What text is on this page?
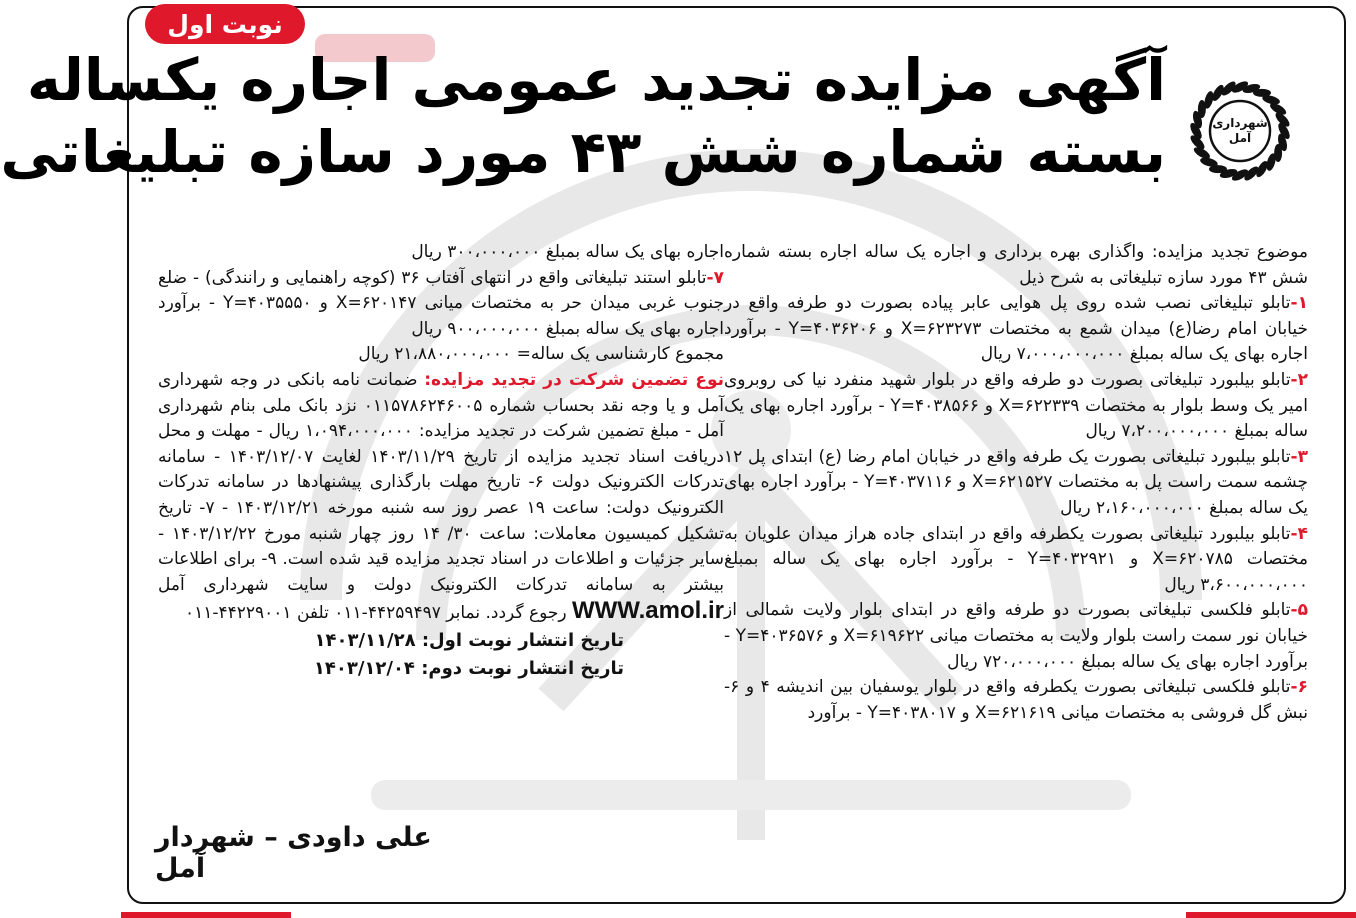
نوبت اول
آگهی مزایده تجدید عمومی اجاره یکساله
بسته شماره شش ۴۳ مورد سازه تبلیغاتی	شهرداری
آمل

موضوع تجدید مزایده: واگذاری بهره برداری و اجاره یک ساله اجاره بسته شماره شش ۴۳ مورد سازه تبلیغاتی به شرح ذیل

۱-تابلو تبلیغاتی نصب شده روی پل هوایی عابر پیاده بصورت دو طرفه واقع در خیابان امام رضا(ع) میدان شمع به مختصات X=۶۲۳۲۷۳ و Y=۴۰۳۶۲۰۶ - برآورد اجاره بهای یک ساله بمبلغ ۷،۰۰۰،۰۰۰،۰۰۰ ریال

۲-تابلو بیلبورد تبلیغاتی بصورت دو طرفه واقع در بلوار شهید منفرد نیا کی روبروی امیر یک وسط بلوار به مختصات X=۶۲۲۳۳۹ و Y=۴۰۳۸۵۶۶ - برآورد اجاره بهای یک ساله بمبلغ ۷،۲۰۰،۰۰۰،۰۰۰ ریال

۳-تابلو بیلبورد تبلیغاتی بصورت یک طرفه واقع در خیابان امام رضا (ع) ابتدای پل ۱۲ چشمه سمت راست پل به مختصات X=۶۲۱۵۲۷ و Y=۴۰۳۷۱۱۶ - برآورد اجاره بهای یک ساله بمبلغ ۲،۱۶۰،۰۰۰،۰۰۰ ریال

۴-تابلو بیلبورد تبلیغاتی بصورت یکطرفه واقع در ابتدای جاده هراز میدان علویان به مختصات X=۶۲۰۷۸۵ و Y=۴۰۳۲۹۲۱ - برآورد اجاره بهای یک ساله بمبلغ ۳،۶۰۰،۰۰۰،۰۰۰ ریال

۵-تابلو فلکسی تبلیغاتی بصورت دو طرفه واقع در ابتدای بلوار ولایت شمالی از خیابان نور سمت راست بلوار ولایت به مختصات میانی X=۶۱۹۶۲۲ و Y=۴۰۳۶۵۷۶ - برآورد اجاره بهای یک ساله بمبلغ ۷۲۰،۰۰۰،۰۰۰ ریال

۶-تابلو فلکسی تبلیغاتی بصورت یکطرفه واقع در بلوار یوسفیان بین اندیشه ۴ و ۶- نبش گل فروشی به مختصات میانی X=۶۲۱۶۱۹ و Y=۴۰۳۸۰۱۷ - برآورد

اجاره بهای یک ساله بمبلغ ۳۰۰،۰۰۰،۰۰۰ ریال

۷-تابلو استند تبلیغاتی واقع در انتهای آفتاب ۳۶ (کوچه راهنمایی و رانندگی) - ضلع جنوب غربی میدان حر به مختصات میانی X=۶۲۰۱۴۷ و Y=۴۰۳۵۵۵۰ - برآورد اجاره بهای یک ساله بمبلغ ۹۰۰،۰۰۰،۰۰۰ ریال

مجموع کارشناسی یک ساله= ۲۱،۸۸۰،۰۰۰،۰۰۰ ریال

نوع تضمین شرکت در تجدید مزایده: ضمانت نامه بانکی در وجه شهرداری آمل و یا وجه نقد بحساب شماره ۰۱۱۵۷۸۶۲۴۶۰۰۵ نزد بانک ملی بنام شهرداری آمل - مبلغ تضمین شرکت در تجدید مزایده: ۱،۰۹۴،۰۰۰،۰۰۰ ریال - مهلت و محل دریافت اسناد تجدید مزایده از تاریخ ۱۴۰۳/۱۱/۲۹ لغایت ۱۴۰۳/۱۲/۰۷ - سامانه تدرکات الکترونیک دولت ۶- تاریخ مهلت بارگذاری پیشنهادها در سامانه تدرکات الکترونیک دولت: ساعت ۱۹ عصر روز سه شنبه مورخه ۱۴۰۳/۱۲/۲۱ - ۷- تاریخ تشکیل کمیسیون معاملات: ساعت ۳۰/ ۱۴ روز چهار شنبه مورخ ۱۴۰۳/۱۲/۲۲ - سایر جزئیات و اطلاعات در اسناد تجدید مزایده قید شده است. ۹- برای اطلاعات بیشتر به سامانه تدرکات الکترونیک دولت و سایت شهرداری آمل WWW.amol.ir رجوع گردد. نمابر ۴۴۲۵۹۴۹۷-۰۱۱ تلفن ۴۴۲۲۹۰۰۱-۰۱۱

تاریخ انتشار نوبت اول: ۱۴۰۳/۱۱/۲۸

تاریخ انتشار نوبت دوم: ۱۴۰۳/۱۲/۰۴

علی داودی – شهردار آمل
